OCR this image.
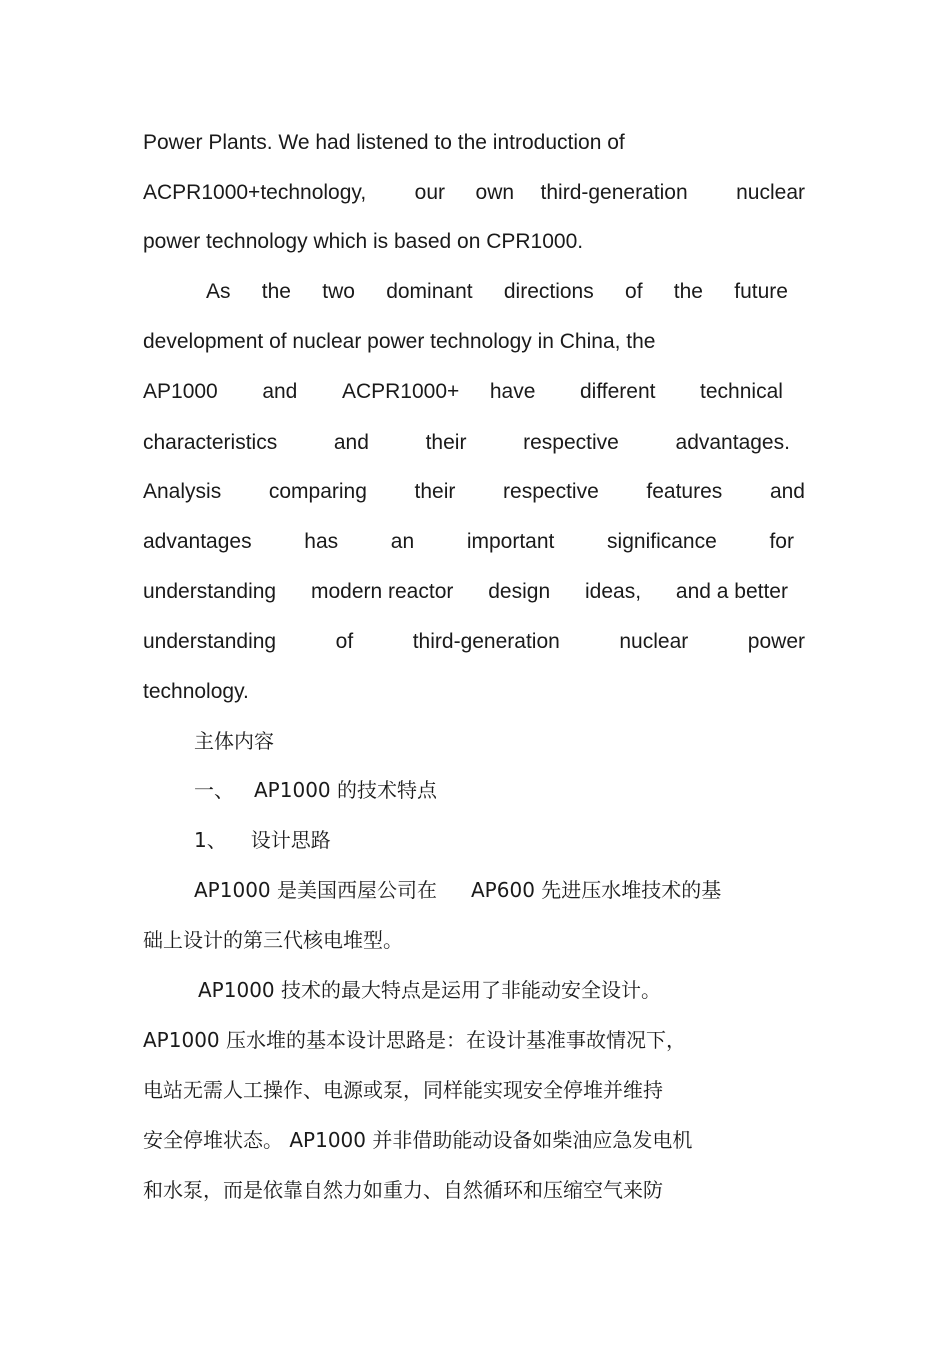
Power Plants. We had listened to the introduction of
ACPR1000+technology, our own third-generation nuclear
power technology which is based on CPR1000.
As the two dominant directions of the future
development of nuclear power technology in China, the
AP1000 and ACPR1000+ have different technical
characteristics	and	their	respective	advantages.
Analysis comparing their respective features and
advantages	has	an	important	significance	for
understanding modern reactor design ideas, and a better
understanding	of	third-generation	nuclear	power
technology.
主体内容
一、 AP1000 的技术特点
1、 设计思路
AP1000 是美国西屋公司在 AP600 先进压水堆技术的基
础上设计的第三代核电堆型。
AP1000 技术的最大特点是运用了非能动安全设计。
AP1000 压水堆的基本设计思路是：在设计基准事故情况下，
电站无需人工操作、电源或泵，同样能实现安全停堆并维持
安全停堆状态。 AP1000 并非借助能动设备如柴油应急发电机
和水泵，而是依靠自然力如重力、自然循环和压缩空气来防
